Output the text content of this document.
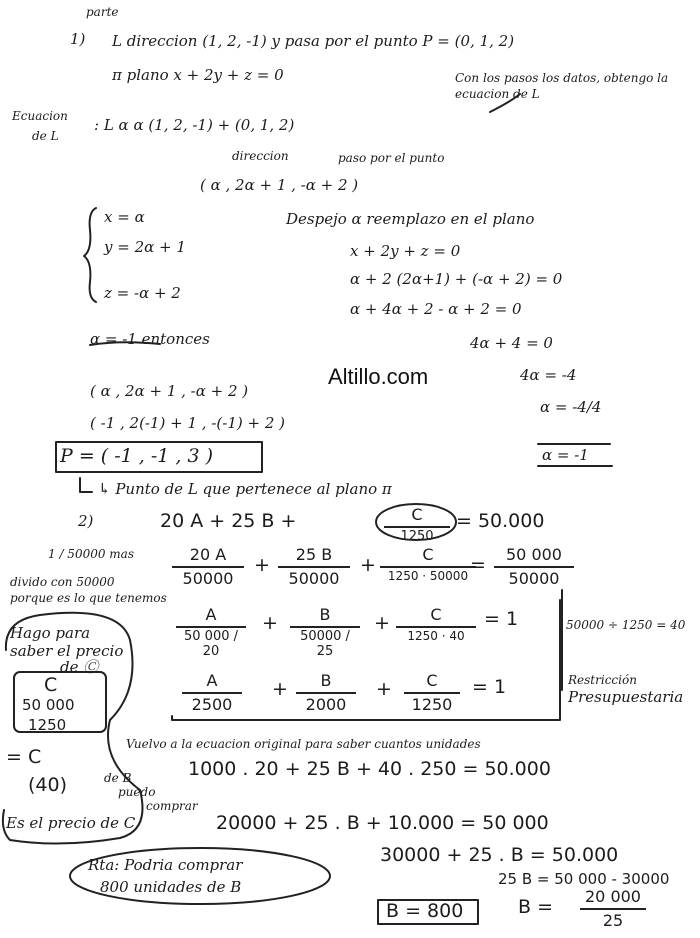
parte
1) L direccion (1, 2, -1) y pasa por el punto P = (0, 1, 2)
π plano x + 2y + z = 0	Con los pasos los datos, obtengo la ecuacion de L
Ecuacion
de L
: L α α (1, 2, -1) + (0, 1, 2)
direccion	paso por el punto
( α , 2α + 1 , -α + 2 )
x = α
y = 2α + 1
z = -α + 2
Despejo α reemplazo en el plano
x + 2y + z = 0
α + 2 (2α+1) + (-α + 2) = 0
α + 4α + 2 - α + 2 = 0
4α + 4 = 0
4α = -4
α = -4/4
α = -1
α = -1 entonces
Altillo.com
( α , 2α + 1 , -α + 2 )
( -1 , 2(-1) + 1 , -(-1) + 2 )
P = ( -1 , -1 , 3 )
↳ Punto de L que pertenece al plano π
2)	20 A + 25 B +	C
1250
= 50.000
1 / 50000 mas
divido con 50000
porque es lo que tenemos
20 A
50000
+	25 B
50000
+	C
1250 · 50000
=	50 000
50000
A
50 000 / 20
+	B
50000 / 25
+	C
1250 · 40
= 1
A
2500
+	B
2000
+	C
1250
= 1
50000 ÷ 1250 = 40
Restricción
Presupuestaria
Hago para
saber el precio
de Ⓒ
C
50 000
1250
= C
(40)
Es el precio de C
de B
puedo
comprar
Vuelvo a la ecuacion original para saber cuantos unidades
1000 . 20 + 25 B + 40 . 250 = 50.000
20000 + 25 . B + 10.000 = 50 000
30000 + 25 . B = 50.000
25 B = 50 000 - 30000
B =	20 000
25
B = 800
Rta: Podria comprar
800 unidades de B
